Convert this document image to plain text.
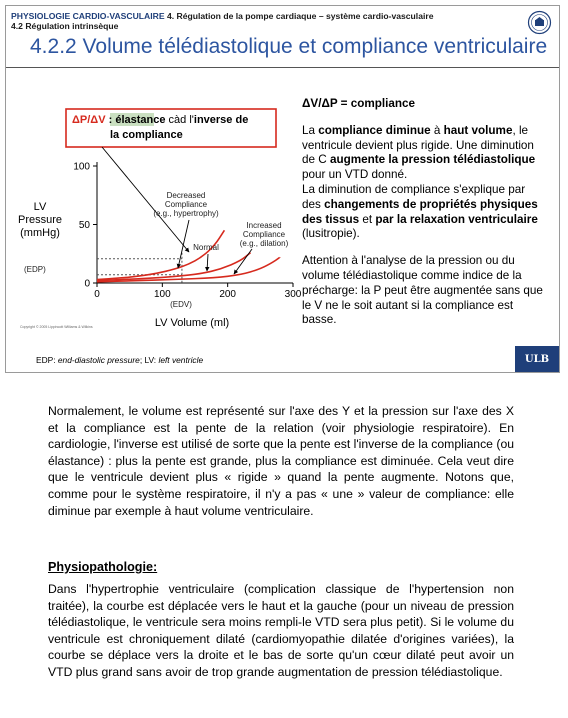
PHYSIOLOGIE CARDIO-VASCULAIRE 4. Régulation de la pompe cardiaque – système cardio-vasculaire
4.2 Régulation intrinsèque
4.2.2 Volume télédiastolique et compliance ventriculaire
ΔP/ΔV : élastance càd l'inverse de
la compliance
0	100	200	300
0
50
100
LV
Pressure
(mmHg)
LV Volume (ml)
Decreased
Compliance
(e.g., hypertrophy)
Normal
Increased
Compliance
(e.g., dilation)
(EDP)
(EDV)
Copyright © 2005 Lippincott Williams & Wilkins

ΔV/ΔP = compliance

La compliance diminue à haut volume, le ventricule devient plus rigide. Une diminution de C augmente la pression télédiastolique pour un VTD donné.

La diminution de compliance s'explique par des changements de propriétés physiques des tissus et par la relaxation ventriculaire (lusitropie).

Attention à l'analyse de la pression ou du volume télédiastolique comme indice de la précharge: la P peut être augmentée sans que le V ne le soit autant si la compliance est basse.

EDP: end-diastolic pressure; LV: left ventricle	ULB

Normalement, le volume est représenté sur l'axe des Y et la pression sur l'axe des X et la compliance est la pente de la relation (voir physiologie respiratoire). En cardiologie, l'inverse est utilisé de sorte que la pente est l'inverse de la compliance (ou élastance) : plus la pente est grande, plus la compliance est diminuée. Cela veut dire que le ventricule devient plus « rigide » quand la pente augmente. Notons que, comme pour le système respiratoire, il n'y a pas « une » valeur de compliance: elle diminue par exemple à haut volume ventriculaire.

Physiopathologie:

Dans l'hypertrophie ventriculaire (complication classique de l'hypertension non traitée), la courbe est déplacée vers le haut et la gauche (pour un niveau de pression télédiastolique, le ventricule sera moins rempli-le VTD sera plus petit). Si le volume du ventricule est chroniquement dilaté (cardiomyopathie dilatée d'origines variées), la courbe se déplace vers la droite et le bas de sorte qu'un cœur dilaté peut avoir un VTD plus grand sans avoir de trop grande augmentation de pression télédiastolique.
